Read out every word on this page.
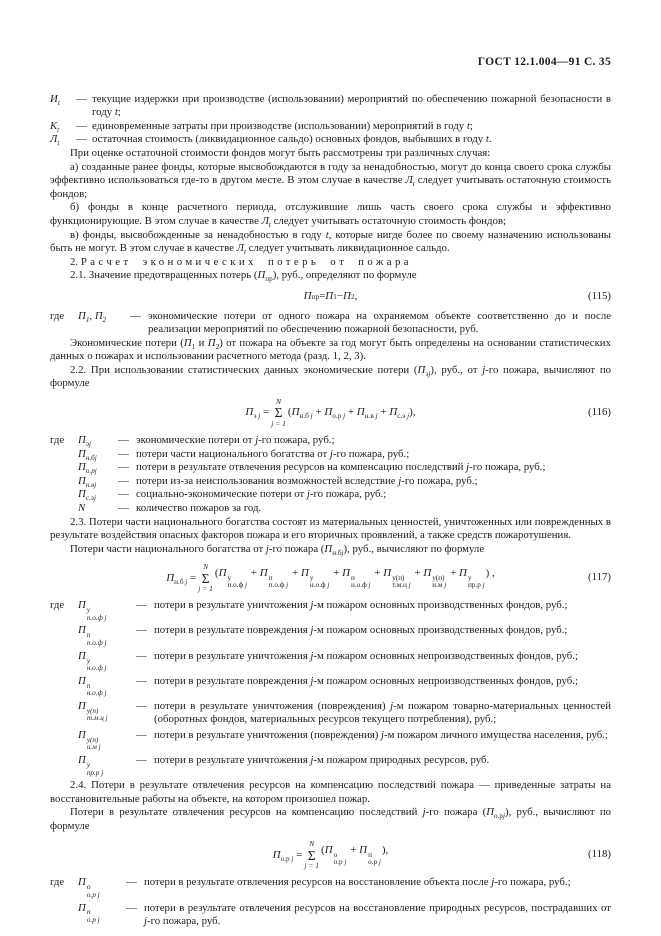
ГОСТ 12.1.004—91 С. 35
$И_t$	— текущие издержки при производстве (использовании) мероприятий по обеспечению пожарной безопасности в году t;
$К_t$	— единовременные затраты при производстве (использовании) мероприятий в году t;
$Л_t$	— остаточная стоимость (ликвидационное сальдо) основных фондов, выбывших в году t.

При оценке остаточной стоимости фондов могут быть рассмотрены три различных случая:

а) созданные ранее фонды, которые высвобождаются в году за ненадобностью, могут до конца своего срока службы эффективно использоваться где-то в другом месте. В этом случае в качестве $Л_t$ следует учитывать остаточную стоимость фондов;

б) фонды в конце расчетного периода, отслужившие лишь часть своего срока службы и эффективно функционирующие. В этом случае в качестве $Л_t$ следует учитывать остаточную стоимость фондов;

в) фонды, высвобожденные за ненадобностью в году t, которые нигде более по своему назначению использованы быть не могут. В этом случае в качестве $Л_t$ следует учитывать ликвидационное сальдо.

2. Расчет экономических потерь от пожара

2.1. Значение предотвращенных потерь $(П_{пр})$, руб., определяют по формуле

П пр = П 1 − П 2 ,	(115)
где	$П_1$, $П_2$	— экономические потери от одного пожара на охраняемом объекте соответственно до и после реализации мероприятий по обеспечению пожарной безопасности, руб.

Экономические потери ($П_1$ и $П_2$) от пожара на объекте за год могут быть определены на основании статистических данных о пожарах и использовании расчетного метода (разд. 1, 2, 3).

2.2. При использовании статистических данных экономические потери $(П_{эj})$, руб., от j-го пожара, вычисляют по формуле

$П_{э j}$ =
N
Σ
j = 1
$(П_{н.б j} + П_{о.р j} + П_{н.в j} + П_{с.э j})$,	(116)
где	$П_{эj}$	— экономические потери от j-го пожара, руб.;
$П_{н.бj}$	— потери части национального богатства от j-го пожара, руб.;
$П_{о.рj}$	— потери в результате отвлечения ресурсов на компенсацию последствий j-го пожара, руб.;
$П_{н.вj}$	— потери из-за неиспользования возможностей вследствие j-го пожара, руб.;
$П_{с.эj}$	— социально-экономические потери от j-го пожара, руб.;
N	— количество пожаров за год.

2.3. Потери части национального богатства состоят из материальных ценностей, уничтоженных или поврежденных в результате воздействия опасных факторов пожара и его вторичных проявлений, а также средств пожаротушения.

Потери части национального богатства от j-го пожара $(П_{н.бj})$, руб., вычисляют по формуле

$П_{н.б j}$ =
N
Σ
j = 1
(П у
п.о.ф j
+ П п
п.о.ф j
+ П у
н.о.ф j
+ П п
н.о.ф j
+ П у(п)
т.м.ц j
+ П у(п)
и.м j
+ П у
пр.р j
) ,	(117)
где	П у
п.о.ф j
— потери в результате уничтожения j-м пожаром основных производственных фондов, руб.;
П п
п.о.ф j
— потери в результате повреждения j-м пожаром основных производственных фондов, руб.;
П у
н.о.ф j
— потери в результате уничтожения j-м пожаром основных непроизводственных фондов, руб.;
П п
н.о.ф j
— потери в результате повреждения j-м пожаром основных непроизводственных фондов, руб.;
П у(п)
т.м.ц j
— потери в результате уничтожения (повреждения) j-м пожаром товарно-материальных ценностей (оборотных фондов, материальных ресурсов текущего потребления), руб.;
П у(п)
и.м j
— потери в результате уничтожения (повреждения) j-м пожаром личного имущества населения, руб.;
П у
пр.р j
— потери в результате уничтожения j-м пожаром природных ресурсов, руб.

2.4. Потери в результате отвлечения ресурсов на компенсацию последствий пожара — приведенные затраты на восстановительные работы на объекте, на котором произошел пожар.

Потери в результате отвлечения ресурсов на компенсацию последствий j-го пожара $(П_{о.рj})$, руб., вычисляют по формуле

$П_{о.р j}$ =
N
Σ
j = 1
(П о
о.р j
+ П п
о.р j
),	(118)
где	П о
о.р j
— потери в результате отвлечения ресурсов на восстановление объекта после j-го пожара, руб.;
П п
о.р j
— потери в результате отвлечения ресурсов на восстановление природных ресурсов, пострадавших от j-го пожара, руб.
